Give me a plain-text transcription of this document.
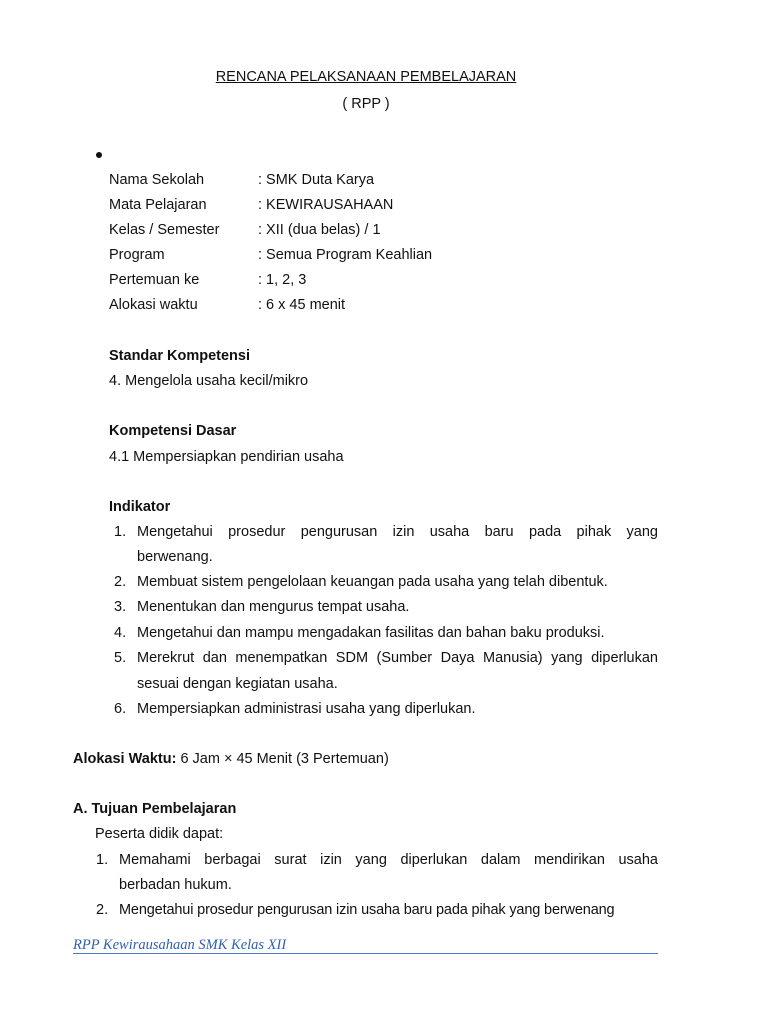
RENCANA PELAKSANAAN PEMBELAJARAN
( RPP )
Nama Sekolah	: SMK Duta Karya
Mata Pelajaran	: KEWIRAUSAHAAN
Kelas / Semester	: XII (dua belas) / 1
Program	: Semua Program Keahlian
Pertemuan ke	: 1, 2, 3
Alokasi waktu	: 6 x 45 menit
Standar Kompetensi
4. Mengelola usaha kecil/mikro
Kompetensi Dasar
4.1 Mempersiapkan pendirian usaha
Indikator
1. Mengetahui prosedur pengurusan izin usaha baru pada pihak yang
berwenang.
2. Membuat sistem pengelolaan keuangan pada usaha yang telah dibentuk.
3. Menentukan dan mengurus tempat usaha.
4. Mengetahui dan mampu mengadakan fasilitas dan bahan baku produksi.
5. Merekrut dan menempatkan SDM (Sumber Daya Manusia) yang diperlukan
sesuai dengan kegiatan usaha.
6. Mempersiapkan administrasi usaha yang diperlukan.
Alokasi Waktu: 6 Jam × 45 Menit (3 Pertemuan)
A. Tujuan Pembelajaran
Peserta didik dapat:
1. Memahami berbagai surat izin yang diperlukan dalam mendirikan usaha
berbadan hukum.
2. Mengetahui prosedur pengurusan izin usaha baru pada pihak yang berwenang
RPP Kewirausahaan SMK Kelas XII
